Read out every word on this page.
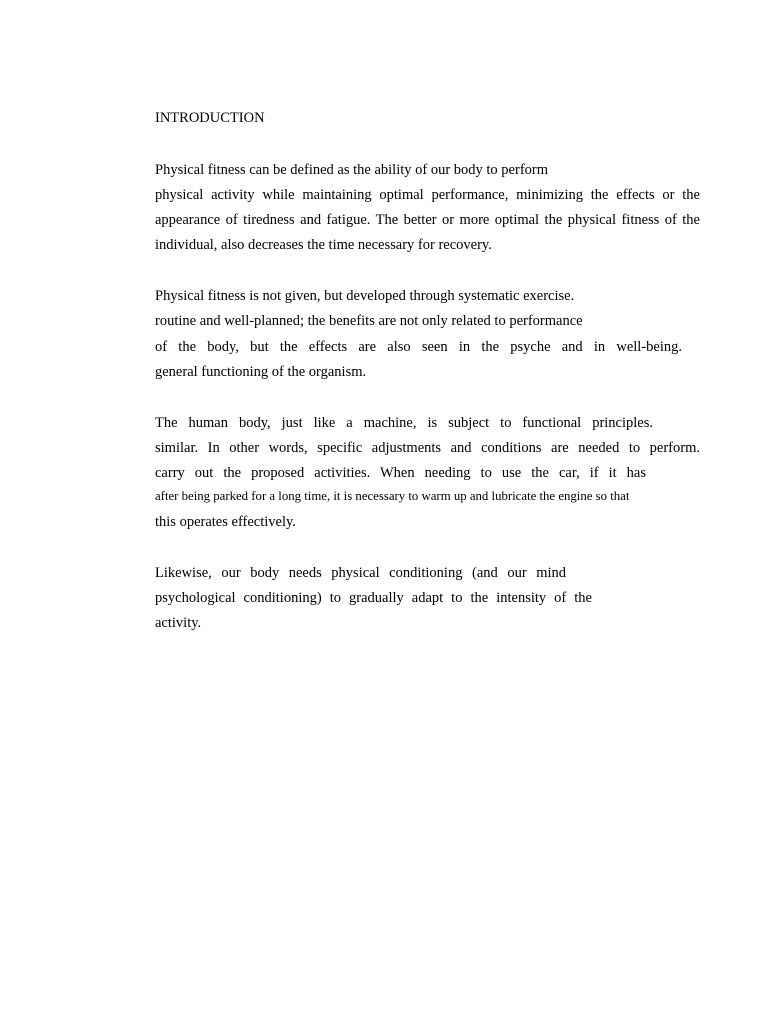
INTRODUCTION
Physical fitness can be defined as the ability of our body to perform
physical activity while maintaining optimal performance, minimizing the effects or the
appearance of tiredness and fatigue. The better or more optimal the physical fitness of the
individual, also decreases the time necessary for recovery.
Physical fitness is not given, but developed through systematic exercise.
routine and well-planned; the benefits are not only related to performance
of the body, but the effects are also seen in the psyche and in well-being.
general functioning of the organism.
The human body, just like a machine, is subject to functional principles.
similar. In other words, specific adjustments and conditions are needed to perform.
carry out the proposed activities. When needing to use the car, if it has
after being parked for a long time, it is necessary to warm up and lubricate the engine so that
this operates effectively.
Likewise, our body needs physical conditioning (and our mind
psychological conditioning) to gradually adapt to the intensity of the
activity.
